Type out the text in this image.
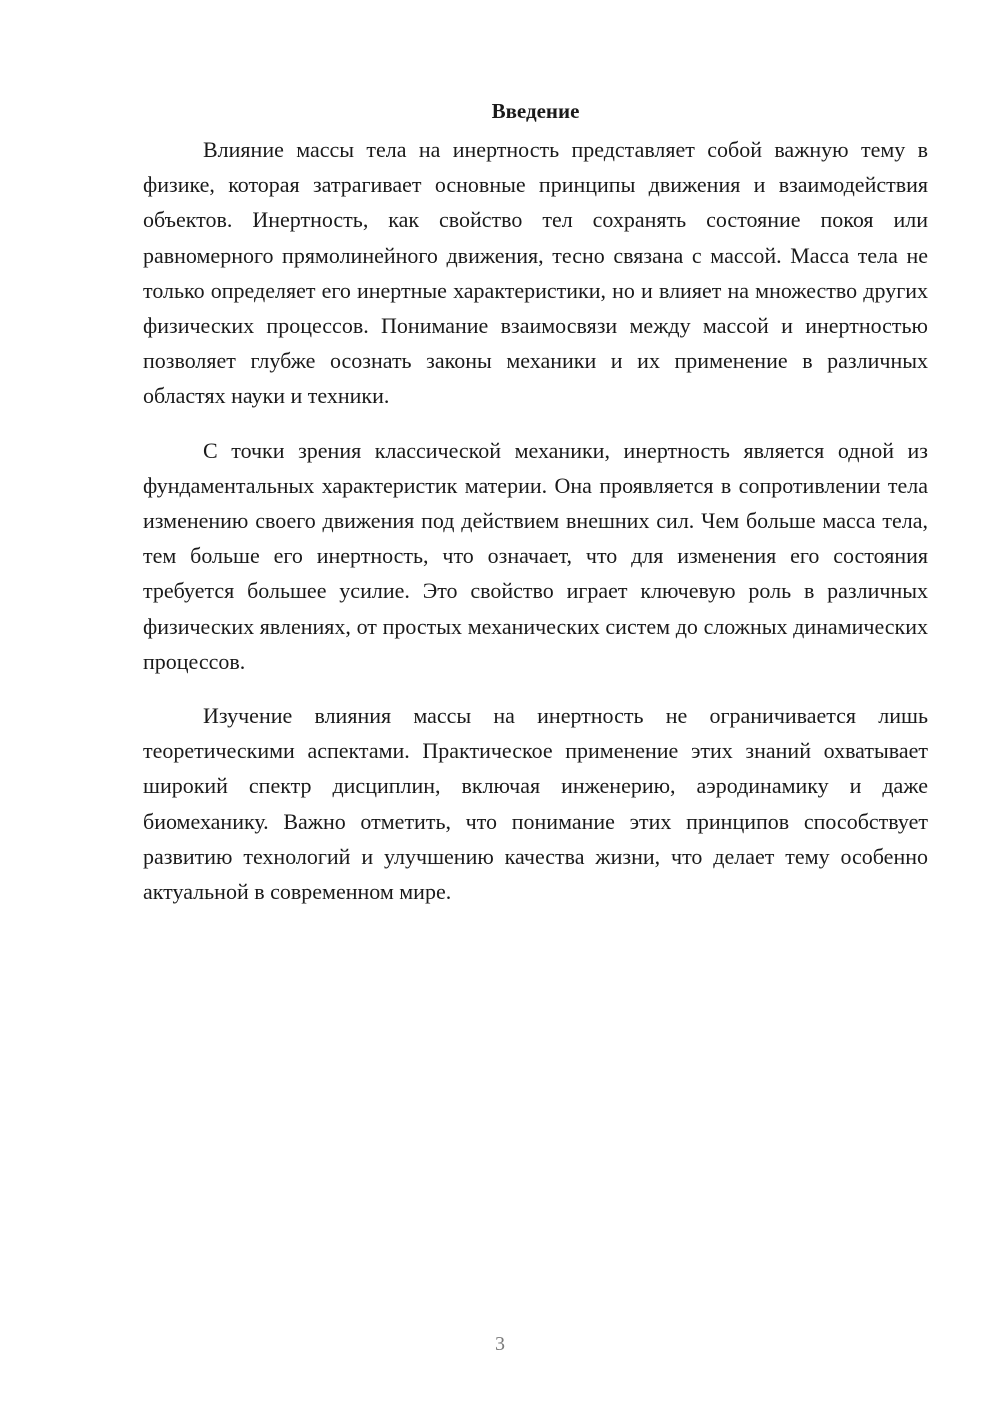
Введение

Влияние массы тела на инертность представляет собой важную тему в физике, которая затрагивает основные принципы движения и взаимодействия объектов. Инертность, как свойство тел сохранять состояние покоя или равномерного прямолинейного движения, тесно связана с массой. Масса тела не только определяет его инертные характеристики, но и влияет на множество других физических процессов. Понимание взаимосвязи между массой и инертностью позволяет глубже осознать законы механики и их применение в различных областях науки и техники.

С точки зрения классической механики, инертность является одной из фундаментальных характеристик материи. Она проявляется в сопротивлении тела изменению своего движения под действием внешних сил. Чем больше масса тела, тем больше его инертность, что означает, что для изменения его состояния требуется большее усилие. Это свойство играет ключевую роль в различных физических явлениях, от простых механических систем до сложных динамических процессов.

Изучение влияния массы на инертность не ограничивается лишь теоретическими аспектами. Практическое применение этих знаний охватывает широкий спектр дисциплин, включая инженерию, аэродинамику и даже биомеханику. Важно отметить, что понимание этих принципов способствует развитию технологий и улучшению качества жизни, что делает тему особенно актуальной в современном мире.

3
